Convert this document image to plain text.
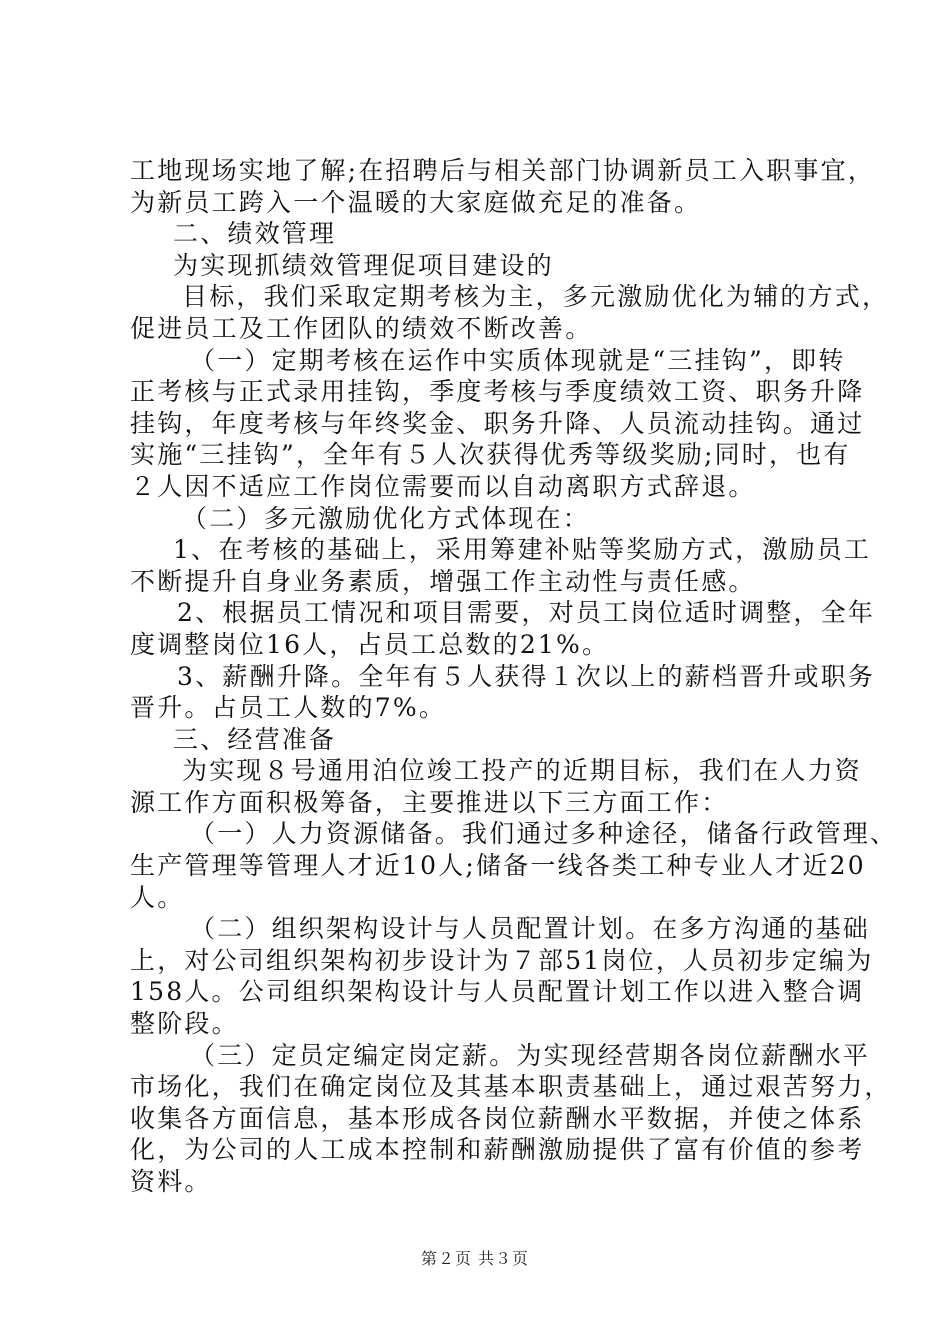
工地现场实地了解;在招聘后与相关部门协调新员工入职事宜，
为新员工跨入一个温暖的大家庭做充足的准备。
二、绩效管理
为实现抓绩效管理促项目建设的
目标，我们采取定期考核为主，多元激励优化为辅的方式，
促进员工及工作团队的绩效不断改善。
（一）定期考核在运作中实质体现就是“三挂钩”，即转
正考核与正式录用挂钩，季度考核与季度绩效工资、职务升降
挂钩，年度考核与年终奖金、职务升降、人员流动挂钩。通过
实施“三挂钩”，全年有５人次获得优秀等级奖励;同时，也有
２人因不适应工作岗位需要而以自动离职方式辞退。
（二）多元激励优化方式体现在：
1、在考核的基础上，采用筹建补贴等奖励方式，激励员工
不断提升自身业务素质，增强工作主动性与责任感。
2、根据员工情况和项目需要，对员工岗位适时调整，全年
度调整岗位16人，占员工总数的21%。
3、薪酬升降。全年有５人获得１次以上的薪档晋升或职务
晋升。占员工人数的7%。
三、经营准备
为实现８号通用泊位竣工投产的近期目标，我们在人力资
源工作方面积极筹备，主要推进以下三方面工作：
（一）人力资源储备。我们通过多种途径，储备行政管理、
生产管理等管理人才近10人;储备一线各类工种专业人才近20
人。
（二）组织架构设计与人员配置计划。在多方沟通的基础
上，对公司组织架构初步设计为７部51岗位，人员初步定编为
158人。公司组织架构设计与人员配置计划工作以进入整合调
整阶段。
（三）定员定编定岗定薪。为实现经营期各岗位薪酬水平
市场化，我们在确定岗位及其基本职责基础上，通过艰苦努力，
收集各方面信息，基本形成各岗位薪酬水平数据，并使之体系
化，为公司的人工成本控制和薪酬激励提供了富有价值的参考
资料。
第２页 共３页
